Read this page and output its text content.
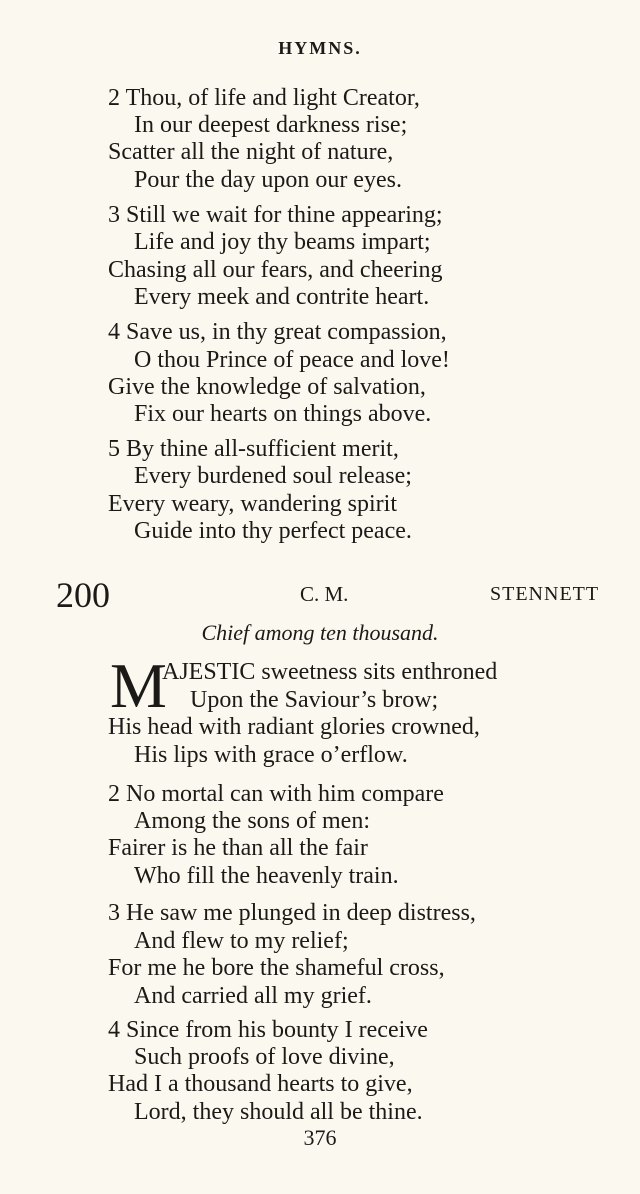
HYMNS.
2 Thou, of life and light Creator,
In our deepest darkness rise;
Scatter all the night of nature,
Pour the day upon our eyes.
3 Still we wait for thine appearing;
Life and joy thy beams impart;
Chasing all our fears, and cheering
Every meek and contrite heart.
4 Save us, in thy great compassion,
O thou Prince of peace and love!
Give the knowledge of salvation,
Fix our hearts on things above.
5 By thine all-sufficient merit,
Every burdened soul release;
Every weary, wandering spirit
Guide into thy perfect peace.
200	C. M.	STENNETT
Chief among ten thousand.
M
AJESTIC sweetness sits enthroned
Upon the Saviour’s brow;
His head with radiant glories crowned,
His lips with grace o’erflow.
2 No mortal can with him compare
Among the sons of men:
Fairer is he than all the fair
Who fill the heavenly train.
3 He saw me plunged in deep distress,
And flew to my relief;
For me he bore the shameful cross,
And carried all my grief.
4 Since from his bounty I receive
Such proofs of love divine,
Had I a thousand hearts to give,
Lord, they should all be thine.
376
